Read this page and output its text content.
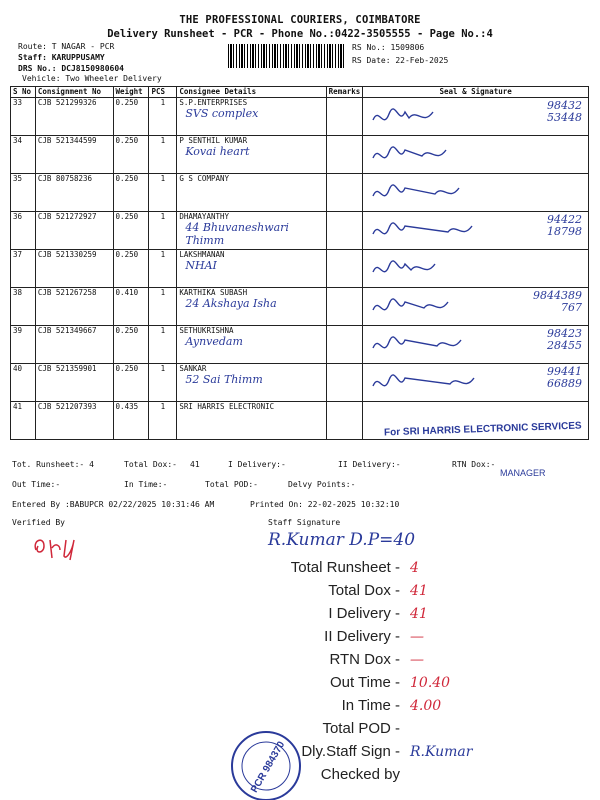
THE PROFESSIONAL COURIERS, COIMBATORE
Delivery Runsheet - PCR - Phone No.:0422-3505555 - Page No.:4
Route: T NAGAR - PCR
Staff: KARUPPUSAMY
DRS No.: DCJ8150980604
Vehicle: Two Wheeler Delivery
RS No.: 1509806
RS Date: 22-Feb-2025
S No	Consignment No	Weight	PCS	Consignee Details	Remarks	Seal & Signature
33	CJB 521299326	0.250	1	S.P.ENTERPRISES
SVS complex		98432 53448

34	CJB 521344599	0.250	1	P SENTHIL KUMAR
Kovai heart

35	CJB 80758236	0.250	1	G S COMPANY

36	CJB 521272927	0.250	1	DHAMAYANTHY
44 Bhuvaneshwari Thimm		94422 18798

37	CJB 521330259	0.250	1	LAKSHMANAN
NHAI

38	CJB 521267258	0.410	1	KARTHIKA SUBASH
24 Akshaya Isha		9844389 767

39	CJB 521349667	0.250	1	SETHUKRISHNA
Aynvedam		98423 28455

40	CJB 521359901	0.250	1	SANKAR
52 Sai Thimm		99441 66889

41	CJB 521207393	0.435	1	SRI HARRIS ELECTRONIC

For SRI HARRIS ELECTRONIC SERVICES
MANAGER
Tot. Runsheet:- 4	Total Dox:- 41	I Delivery:-	II Delivery:-	RTN Dox:-
Out Time:-	In Time:-	Total POD:-	Delvy Points:-
Entered By :BABUPCR 02/22/2025 10:31:46 AM	Printed On: 22-02-2025 10:32:10
Verified By	Staff Signature
R.Kumar D.P=40
Total Runsheet - 4
Total Dox - 41
I Delivery - 41
II Delivery - —
RTN Dox - —
Out Time - 10.40
In Time - 4.00
Total POD -
Dly.Staff Sign - R.Kumar
Checked by
PCR 984370
